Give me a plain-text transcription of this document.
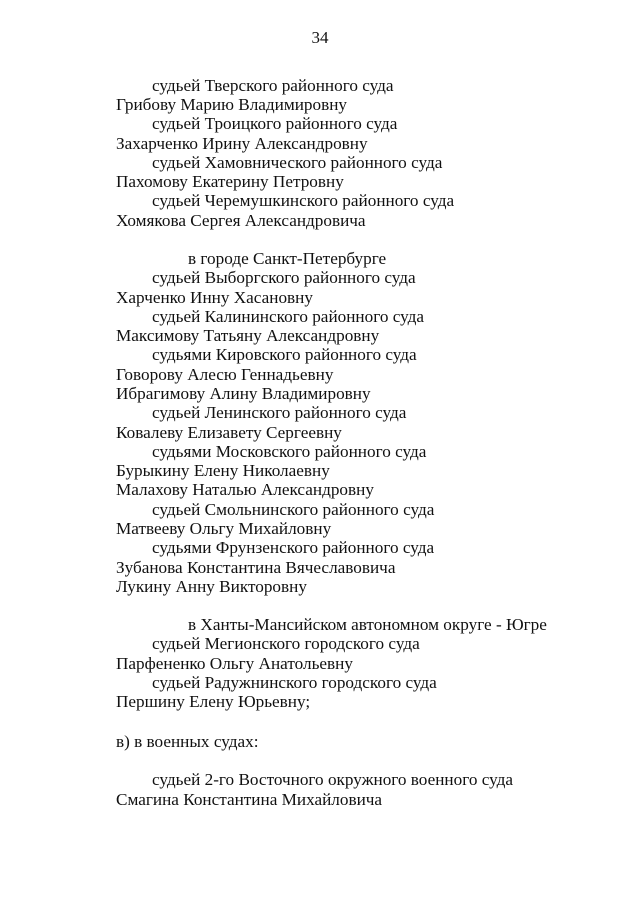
34
судьей Тверского районного суда
Грибову Марию Владимировну
судьей Троицкого районного суда
Захарченко Ирину Александровну
судьей Хамовнического районного суда
Пахомову Екатерину Петровну
судьей Черемушкинского районного суда
Хомякова Сергея Александровича
в городе Санкт-Петербурге
судьей Выборгского районного суда
Харченко Инну Хасановну
судьей Калининского районного суда
Максимову Татьяну Александровну
судьями Кировского районного суда
Говорову Алесю Геннадьевну
Ибрагимову Алину Владимировну
судьей Ленинского районного суда
Ковалеву Елизавету Сергеевну
судьями Московского районного суда
Бурыкину Елену Николаевну
Малахову Наталью Александровну
судьей Смольнинского районного суда
Матвееву Ольгу Михайловну
судьями Фрунзенского районного суда
Зубанова Константина Вячеславовича
Лукину Анну Викторовну
в Ханты-Мансийском автономном округе - Югре
судьей Мегионского городского суда
Парфененко Ольгу Анатольевну
судьей Радужнинского городского суда
Першину Елену Юрьевну;
в) в военных судах:
судьей 2-го Восточного окружного военного суда
Смагина Константина Михайловича
